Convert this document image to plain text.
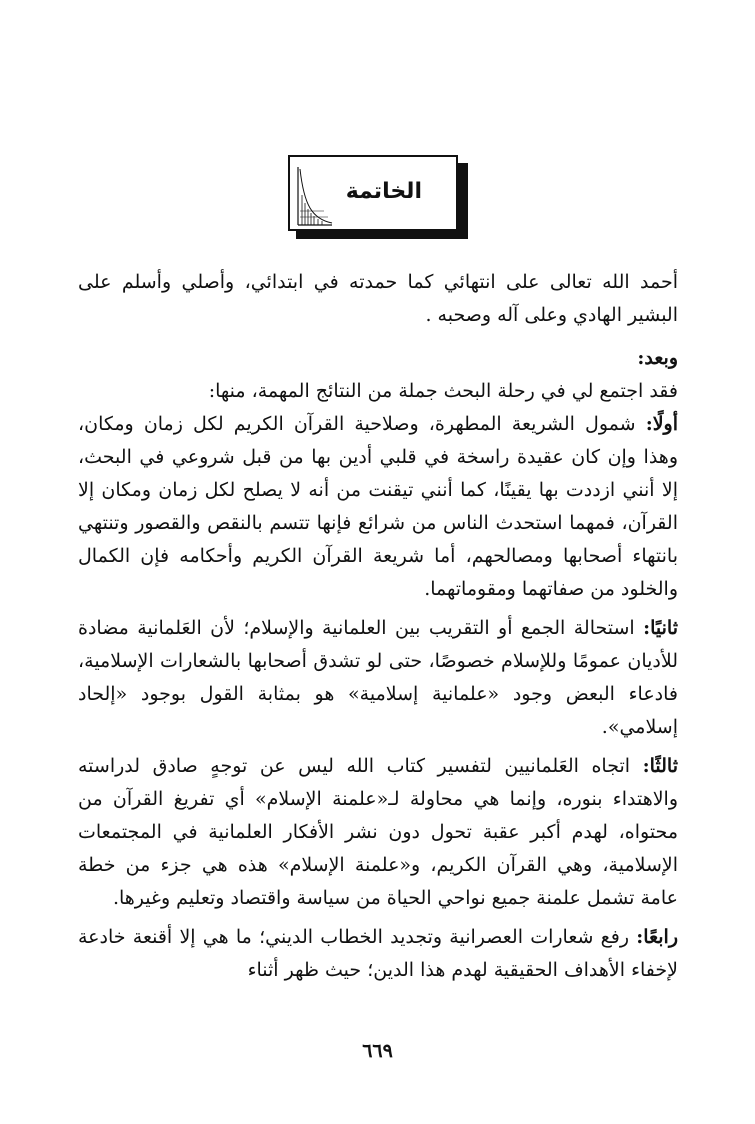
الخاتمة

أحمد الله تعالى على انتهائي كما حمدته في ابتدائي، وأصلي وأسلم على البشير الهادي وعلى آله وصحبه .

وبعد:

فقد اجتمع لي في رحلة البحث جملة من النتائج المهمة، منها:

أولًا: شمول الشريعة المطهرة، وصلاحية القرآن الكريم لكل زمان ومكان، وهذا وإن كان عقيدة راسخة في قلبي أدين بها من قبل شروعي في البحث، إلا أنني ازددت بها يقينًا، كما أنني تيقنت من أنه لا يصلح لكل زمان ومكان إلا القرآن، فمهما استحدث الناس من شرائع فإنها تتسم بالنقص والقصور وتنتهي بانتهاء أصحابها ومصالحهم، أما شريعة القرآن الكريم وأحكامه فإن الكمال والخلود من صفاتهما ومقوماتهما.

ثانيًا: استحالة الجمع أو التقريب بين العلمانية والإسلام؛ لأن العَلمانية مضادة للأديان عمومًا وللإسلام خصوصًا، حتى لو تشدق أصحابها بالشعارات الإسلامية، فادعاء البعض وجود «علمانية إسلامية» هو بمثابة القول بوجود «إلحاد إسلامي».

ثالثًا: اتجاه العَلمانيين لتفسير كتاب الله ليس عن توجهٍ صادق لدراسته والاهتداء بنوره، وإنما هي محاولة لـ«علمنة الإسلام» أي تفريغ القرآن من محتواه، لهدم أكبر عقبة تحول دون نشر الأفكار العلمانية في المجتمعات الإسلامية، وهي القرآن الكريم، و«علمنة الإسلام» هذه هي جزء من خطة عامة تشمل علمنة جميع نواحي الحياة من سياسة واقتصاد وتعليم وغيرها.

رابعًا: رفع شعارات العصرانية وتجديد الخطاب الديني؛ ما هي إلا أقنعة خادعة لإخفاء الأهداف الحقيقية لهدم هذا الدين؛ حيث ظهر أثناء

٦٦٩
